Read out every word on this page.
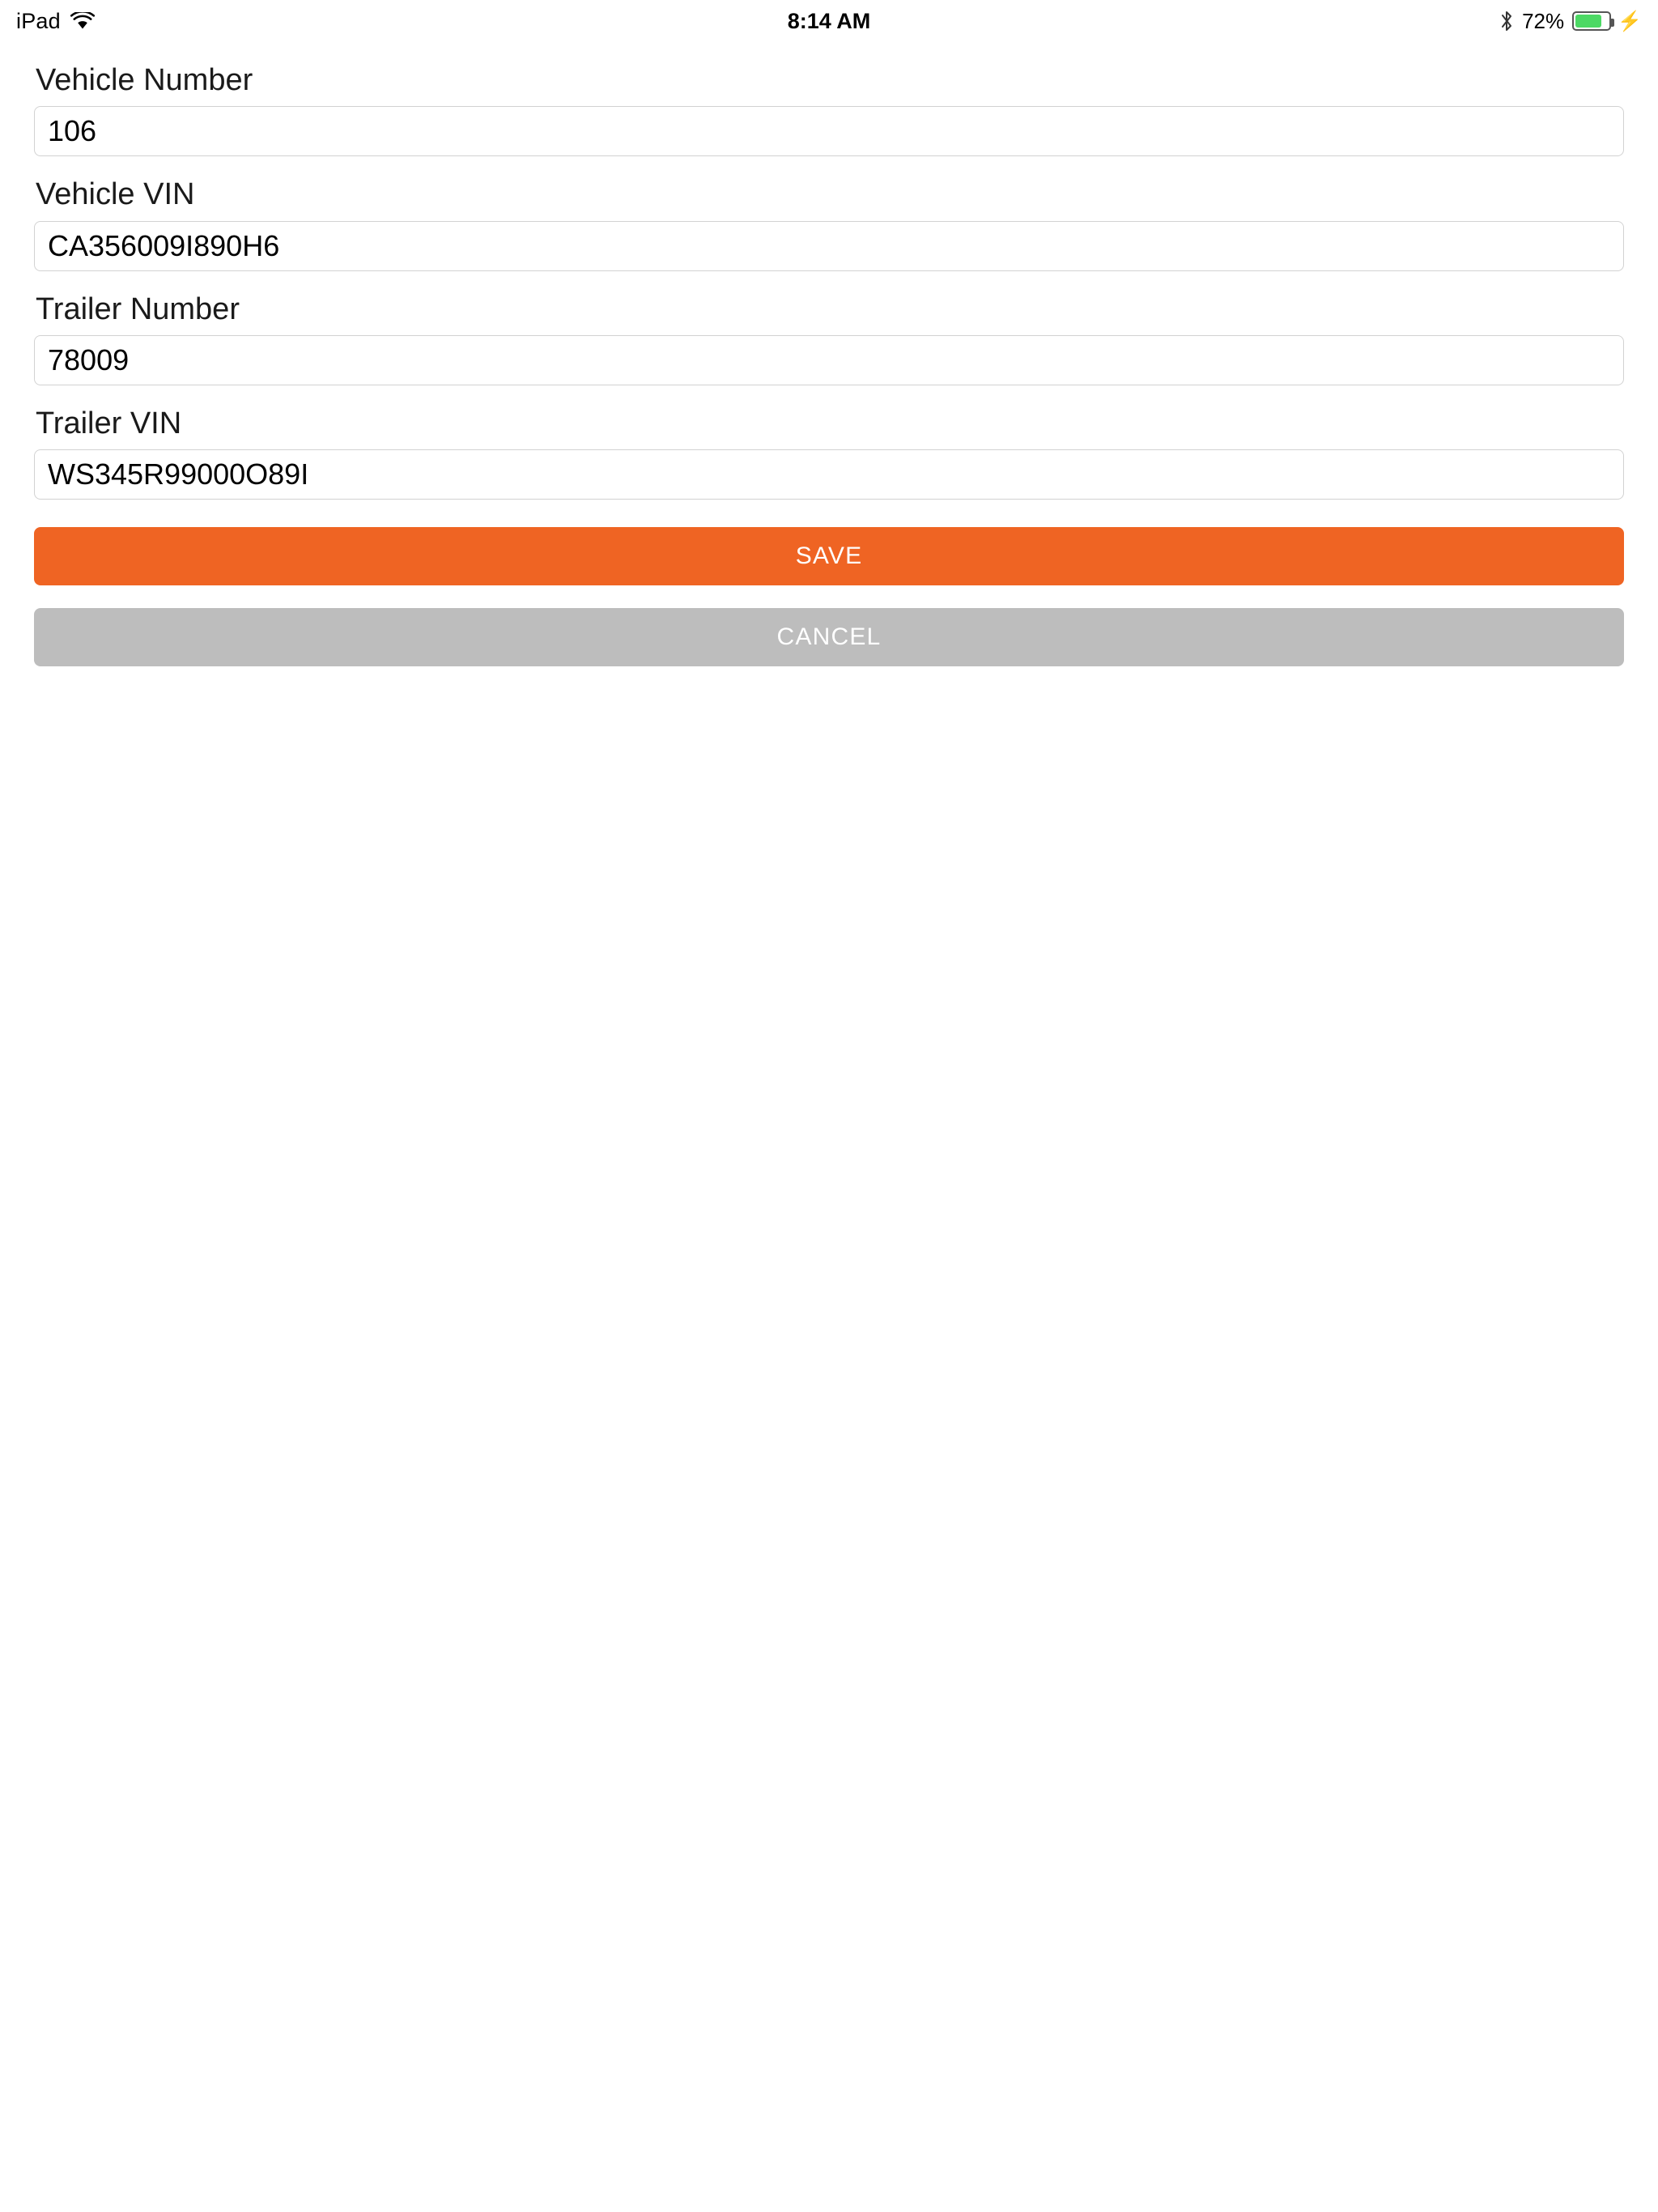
iPad	8:14 AM	72%	⚡
Vehicle Number
106
Vehicle VIN
CA356009I890H6
Trailer Number
78009
Trailer VIN
WS345R99000O89I
SAVE
CANCEL
